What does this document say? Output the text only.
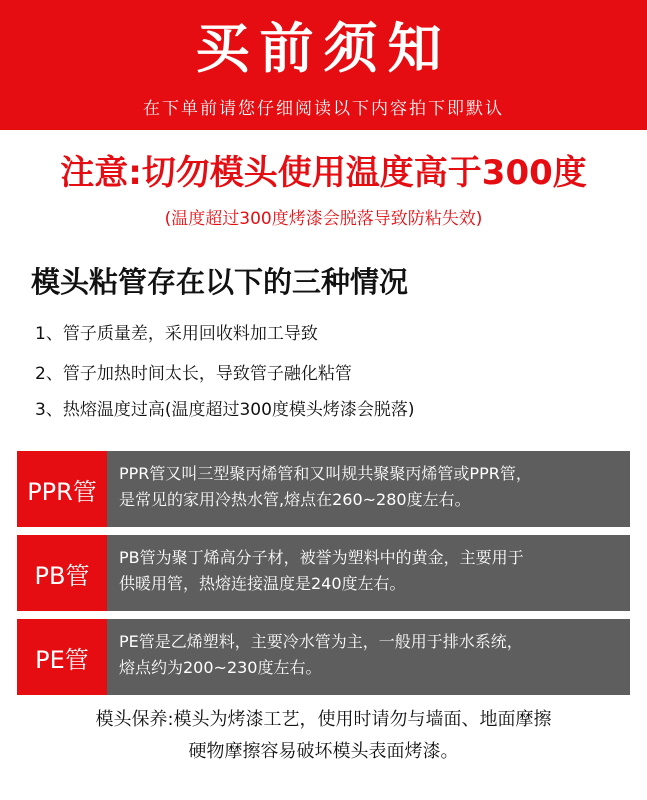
买前须知
在下单前请您仔细阅读以下内容拍下即默认
注意:切勿模头使用温度高于300度
(温度超过300度烤漆会脱落导致防粘失效)
模头粘管存在以下的三种情况
1、管子质量差，采用回收料加工导致
2、管子加热时间太长，导致管子融化粘管
3、热熔温度过高(温度超过300度模头烤漆会脱落)
PPR管
PPR管又叫三型聚丙烯管和又叫规共聚聚丙烯管或PPR管，
是常见的家用冷热水管,熔点在260~280度左右。
PB管
PB管为聚丁烯高分子材，被誉为塑料中的黄金，主要用于
供暖用管，热熔连接温度是240度左右。
PE管
PE管是乙烯塑料，主要冷水管为主，一般用于排水系统，
熔点约为200~230度左右。
模头保养:模头为烤漆工艺，使用时请勿与墙面、地面摩擦
硬物摩擦容易破坏模头表面烤漆。
